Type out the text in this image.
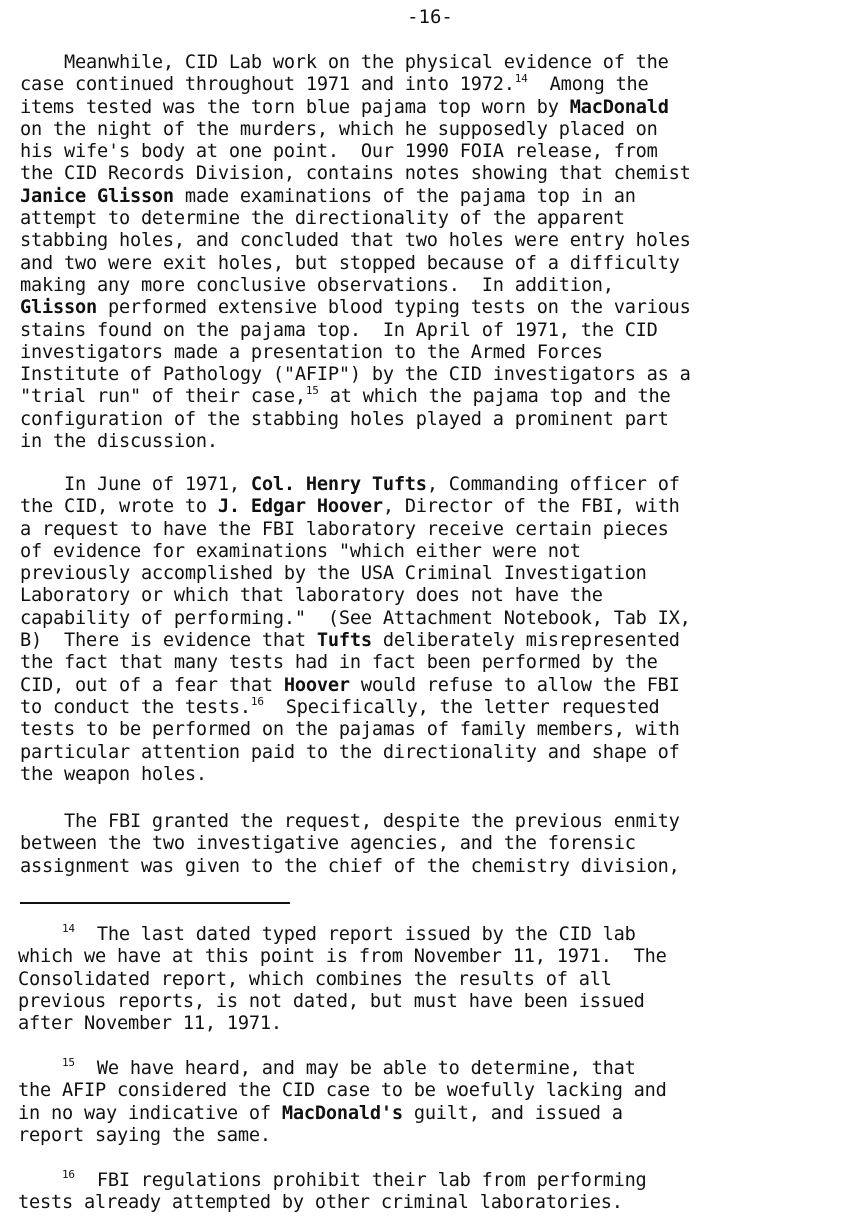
-16-
Meanwhile, CID Lab work on the physical evidence of the
case continued throughout 1971 and into 1972.14  Among the
items tested was the torn blue pajama top worn by MacDonald
on the night of the murders, which he supposedly placed on
his wife's body at one point.  Our 1990 FOIA release, from
the CID Records Division, contains notes showing that chemist
Janice Glisson made examinations of the pajama top in an
attempt to determine the directionality of the apparent
stabbing holes, and concluded that two holes were entry holes
and two were exit holes, but stopped because of a difficulty
making any more conclusive observations.  In addition,
Glisson performed extensive blood typing tests on the various
stains found on the pajama top.  In April of 1971, the CID
investigators made a presentation to the Armed Forces
Institute of Pathology ("AFIP") by the CID investigators as a
"trial run" of their case,$^{15}$ at which the pajama top and the
configuration of the stabbing holes played a prominent part
in the discussion.
In June of 1971, Col. Henry Tufts, Commanding officer of
the CID, wrote to J. Edgar Hoover, Director of the FBI, with
a request to have the FBI laboratory receive certain pieces
of evidence for examinations "which either were not
previously accomplished by the USA Criminal Investigation
Laboratory or which that laboratory does not have the
capability of performing."  (See Attachment Notebook, Tab IX,
B)  There is evidence that Tufts deliberately misrepresented
the fact that many tests had in fact been performed by the
CID, out of a fear that Hoover would refuse to allow the FBI
to conduct the tests.$^{16}$  Specifically, the letter requested
tests to be performed on the pajamas of family members, with
particular attention paid to the directionality and shape of
the weapon holes.
The FBI granted the request, despite the previous enmity
between the two investigative agencies, and the forensic
assignment was given to the chief of the chemistry division,
$^{14}$  The last dated typed report issued by the CID lab
which we have at this point is from November 11, 1971.  The
Consolidated report, which combines the results of all
previous reports, is not dated, but must have been issued
after November 11, 1971.
$^{15}$  We have heard, and may be able to determine, that
the AFIP considered the CID case to be woefully lacking and
in no way indicative of MacDonald's guilt, and issued a
report saying the same.
$^{16}$  FBI regulations prohibit their lab from performing
tests already attempted by other criminal laboratories.
